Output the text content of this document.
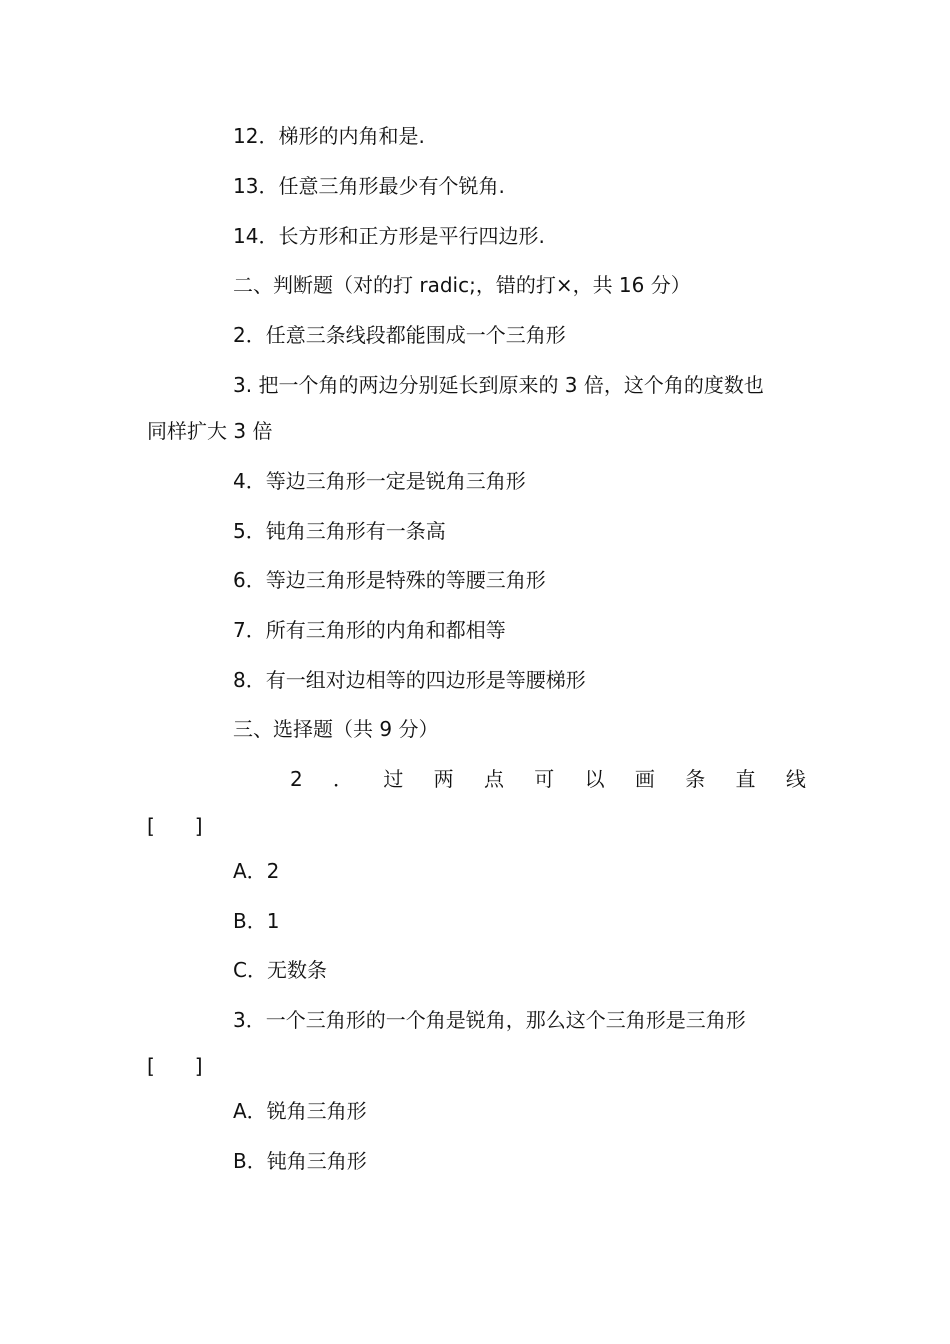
12．梯形的内角和是.

13．任意三角形最少有个锐角.

14．长方形和正方形是平行四边形.

二、判断题（对的打 radic;，错的打×，共 16 分）

2．任意三条线段都能围成一个三角形

3. 把一个角的两边分别延长到原来的 3 倍，这个角的度数也

同样扩大 3 倍

4．等边三角形一定是锐角三角形

5．钝角三角形有一条高

6．等边三角形是特殊的等腰三角形

7．所有三角形的内角和都相等

8．有一组对边相等的四边形是等腰梯形

三、选择题（共 9 分）

2 ． 过 两 点 可 以 画 条 直 线

[　　]

A．2

B．1

C．无数条

3．一个三角形的一个角是锐角，那么这个三角形是三角形

[　　]

A．锐角三角形

B．钝角三角形
